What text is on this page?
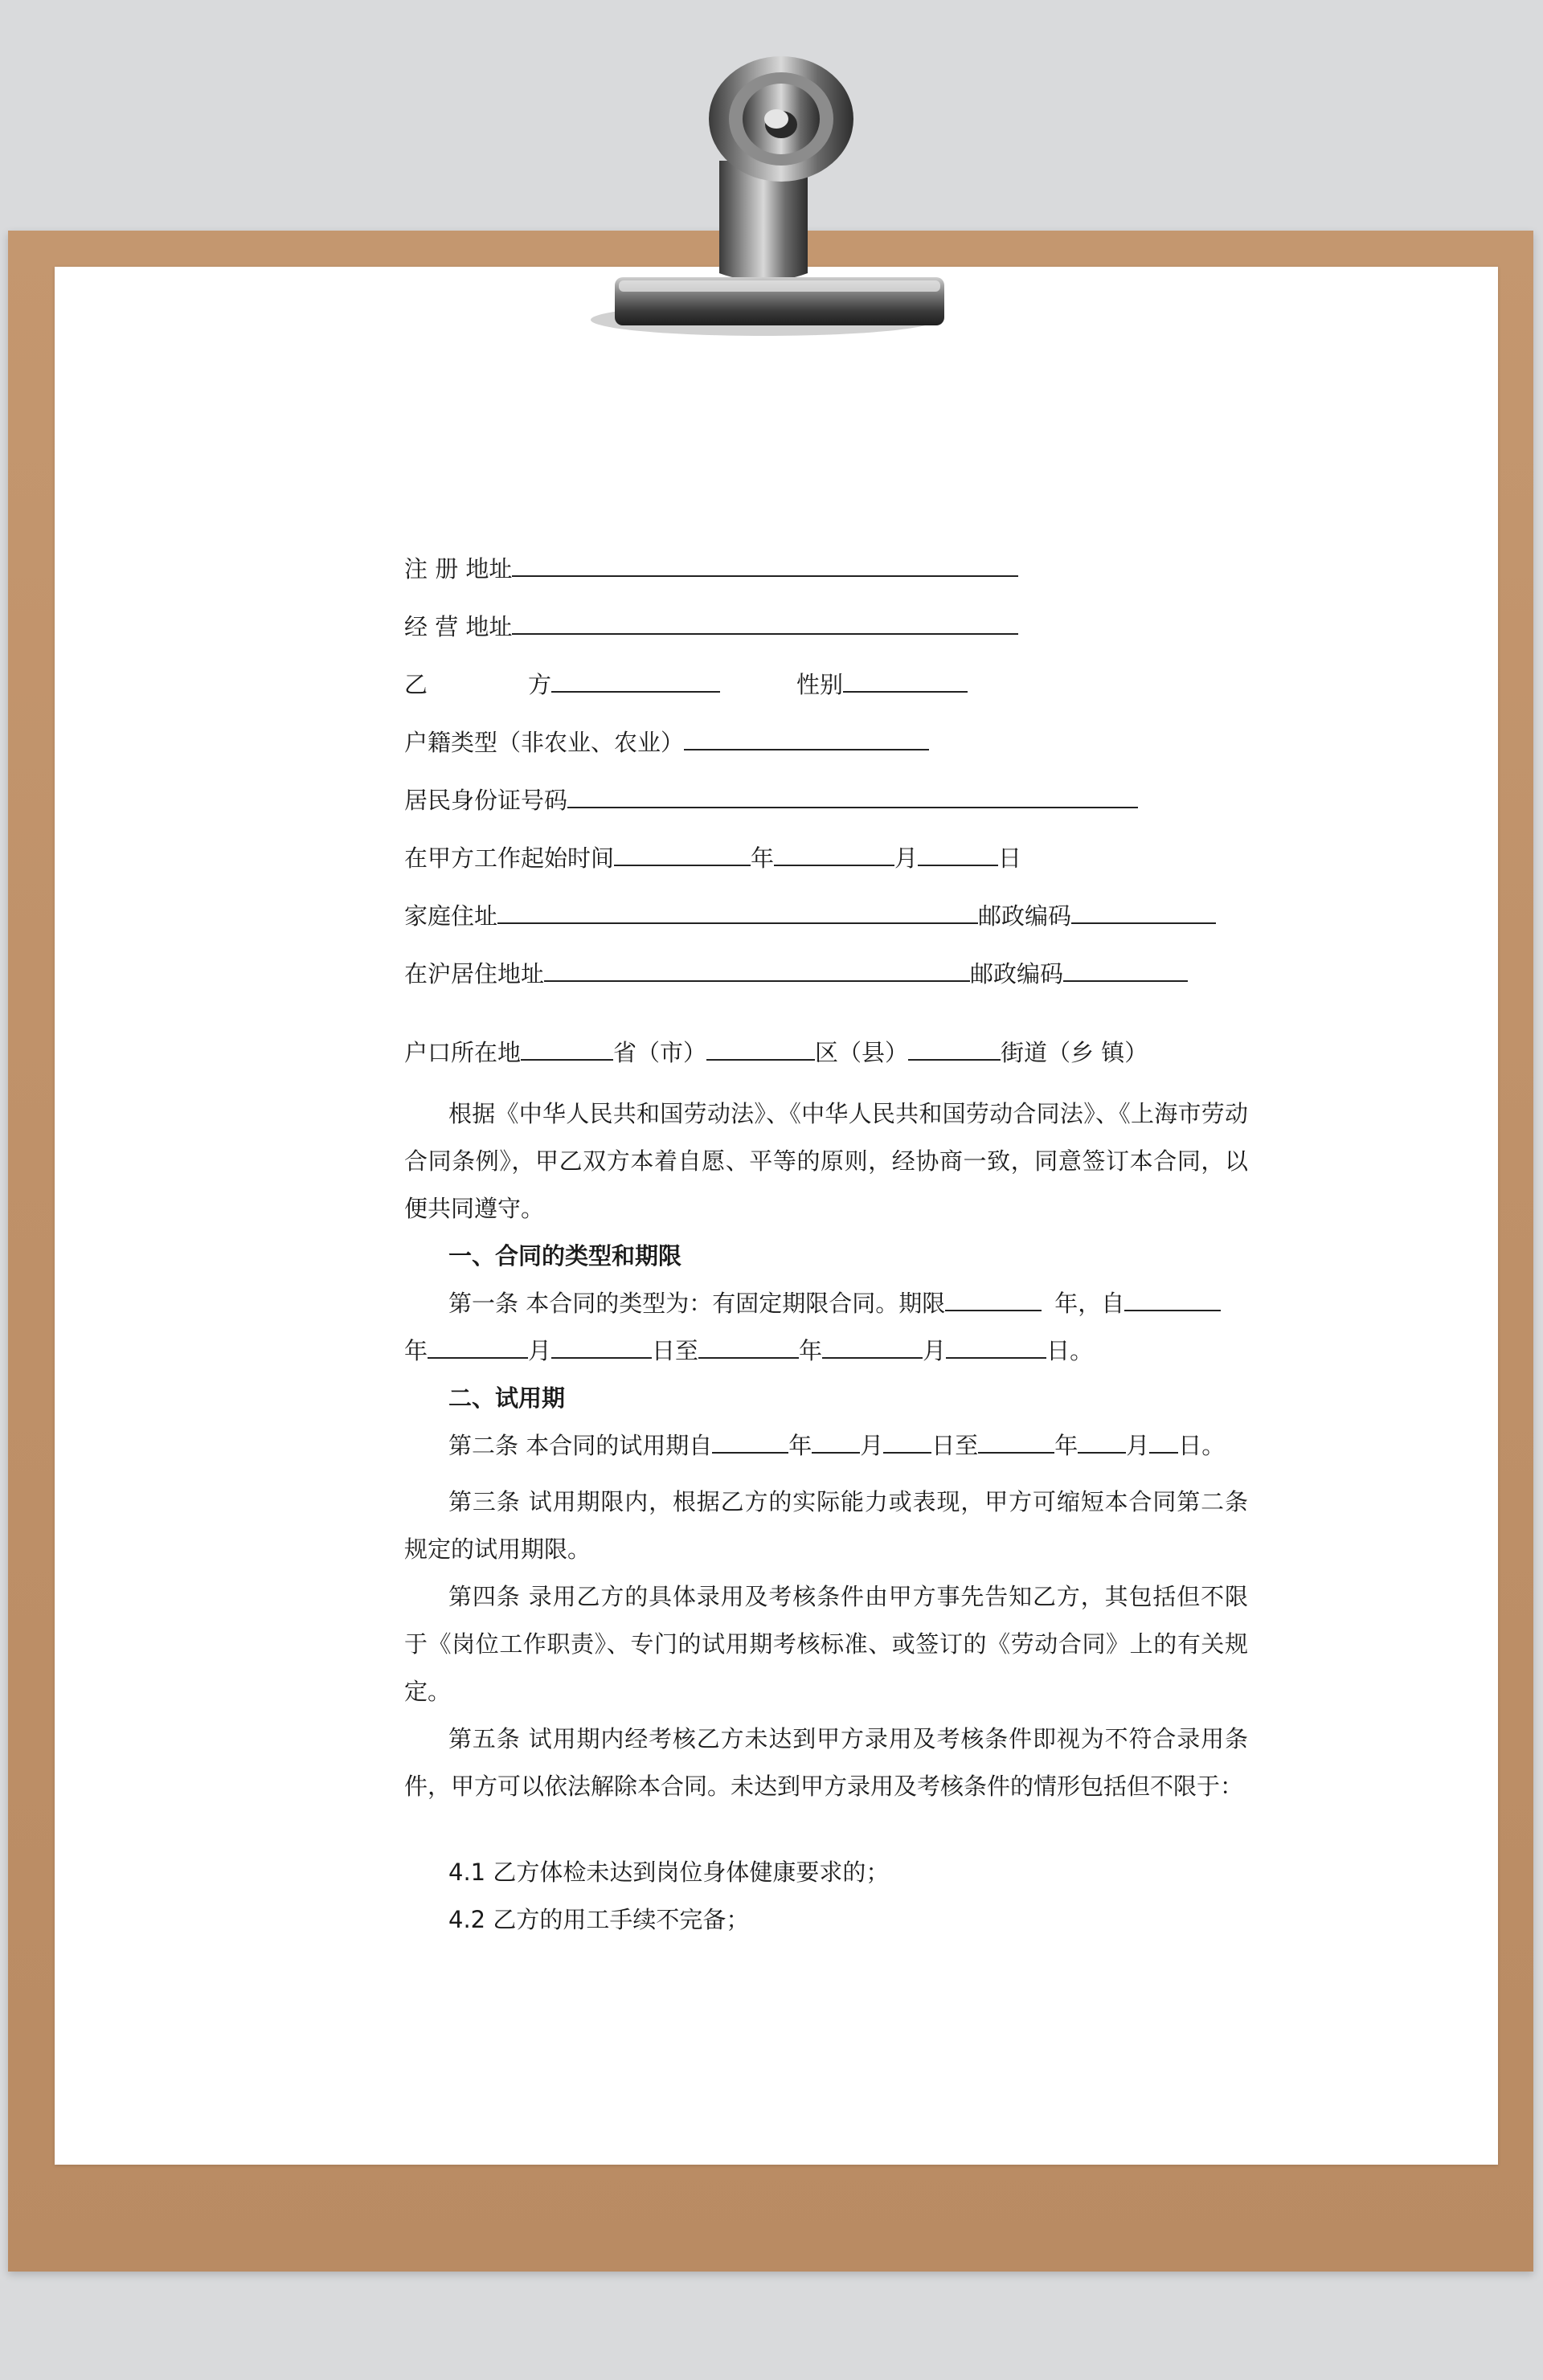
注 册 地址
经 营 地址
乙	方	性别
户籍类型（非农业、农业）
居民身份证号码
在甲方工作起始时间	年	月	日
家庭住址	邮政编码
在沪居住地址	邮政编码
户口所在地	省（市）	区（县）	街道（乡 镇）
根据《中华人民共和国劳动法》、《中华人民共和国劳动合同法》、《上海市劳动合同条例》，甲乙双方本着自愿、平等的原则，经协商一致，同意签订本合同，以便共同遵守。
一、合同的类型和期限
第一条 本合同的类型为：有固定期限合同。期限	年，自
年	月	日至	年	月	日。
二、试用期
第二条 本合同的试用期自	年 月 日至	年 月 日。
第三条 试用期限内，根据乙方的实际能力或表现，甲方可缩短本合同第二条规定的试用期限。
第四条 录用乙方的具体录用及考核条件由甲方事先告知乙方，其包括但不限于《岗位工作职责》、专门的试用期考核标准、或签订的《劳动合同》上的有关规定。
第五条 试用期内经考核乙方未达到甲方录用及考核条件即视为不符合录用条件，甲方可以依法解除本合同。未达到甲方录用及考核条件的情形包括但不限于：
4.1 乙方体检未达到岗位身体健康要求的；
4.2 乙方的用工手续不完备；
